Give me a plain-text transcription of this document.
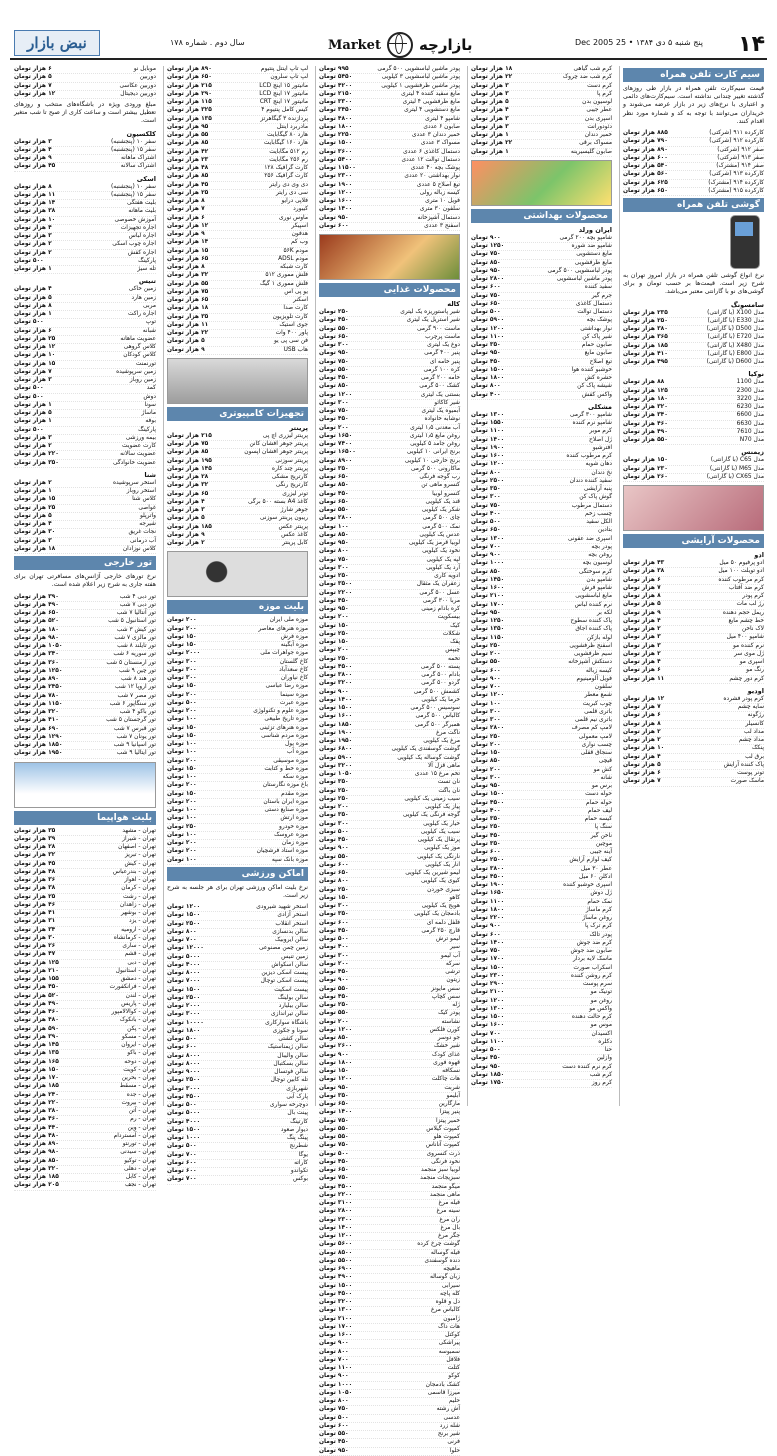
۱۴
پنج شنبه ۵ دی ۱۳۸۴ • 25 Dec 2005
Market	بازارچه
سال دوم . شماره ۱۷۸
نبض بازار
سیم کارت تلفن همراه
قیمت سیم‌کارت تلفن همراه در بازار طی روزهای گذشته تغییر چندانی نداشته است. سیم‌کارت‌های دائمی و اعتباری با نرخ‌های زیر در بازار عرضه می‌شوند و خریداران می‌توانند با توجه به کد و شماره مورد نظر اقدام کنند.
کارکرده ۹۱۱ (شرکتی)
۸۸۵ هزار تومان
کارکرده ۹۱۲ (شرکتی)
۷۹۰ هزار تومان
صفر ۹۱۲ (شرکتی)
۸۹۰ هزار تومان
صفر ۹۱۳ (شرکتی)
۶۰۰ هزار تومان
صفر ۹۱۴ (مشترک)
۵۴۰ هزار تومان
کارکرده ۹۱۳ (شرکتی)
۵۶۰ هزار تومان
کارکرده ۹۱۴ (مشترک)
۶۲۵ هزار تومان
کارکرده ۹۱۵ (مشترک)
۶۵۰ هزار تومان
گوشی تلفن همراه
نرخ انواع گوشی تلفن همراه در بازار امروز تهران به شرح زیر است. قیمت‌ها بر حسب تومان و برای گوشی‌های نو با گارانتی معتبر می‌باشد.
سامسونگ
مدل X100 (با گارانتی)
۲۳۵ هزار تومان
مدل E330 (با گارانتی)
۲۵۰ هزار تومان
مدل D500 (با گارانتی)
۳۸۰ هزار تومان
مدل E720 (با گارانتی)
۳۶۵ هزار تومان
مدل X480 (با گارانتی)
۱۸۵ هزار تومان
مدل E800 (با گارانتی)
۴۱۰ هزار تومان
مدل D600 (با گارانتی)
۴۹۵ هزار تومان
نوکیا
مدل 1100
۸۸ هزار تومان
مدل 2300
۱۲۵ هزار تومان
مدل 3220
۱۸۰ هزار تومان
مدل 6230
۳۲۰ هزار تومان
مدل 6600
۳۴۰ هزار تومان
مدل 6630
۴۶۰ هزار تومان
مدل 7610
۴۹۰ هزار تومان
مدل N70
۵۵۰ هزار تومان
زیمنس
مدل C65 (با گارانتی)
۱۵۰ هزار تومان
مدل M65 (با گارانتی)
۲۳۰ هزار تومان
مدل CX65 (با گارانتی)
۲۶۰ هزار تومان
محصولات آرایشی
ادو
ادو پرفیوم ۵۰ میل
۴۳ هزار تومان
ادو تویلت ۱۰۰ میل
۳۸ هزار تومان
کرم مرطوب کننده
۶ هزار تومان
کرم ضد آفتاب
۷ هزار تومان
کرم پودر
۸ هزار تومان
رژ لب مات
۵ هزار تومان
ریمل حجم دهنده
۹ هزار تومان
خط چشم مایع
۴ هزار تومان
لاک ناخن
۲ هزار تومان
شامپو ۴۰۰ میل
۳ هزار تومان
نرم کننده مو
۳ هزار تومان
ژل موی سر
۲ هزار تومان
اسپری مو
۴ هزار تومان
رنگ مو
۶ هزار تومان
کرم دور چشم
۱۱ هزار تومان
اودیو
کرم پودر فشرده
۱۲ هزار تومان
سایه چشم
۷ هزار تومان
رژگونه
۶ هزار تومان
کانسیلر
۸ هزار تومان
مداد لب
۲ هزار تومان
مداد چشم
۲ هزار تومان
پنکک
۱۰ هزار تومان
برق لب
۴ هزار تومان
پاک کننده آرایش
۵ هزار تومان
تونر پوست
۶ هزار تومان
ماسک صورت
۷ هزار تومان
کرم شب گیاهی
۱۸ هزار تومان
کرم شب ضد چروک
۲۲ هزار تومان
کرم دست
۳ هزار تومان
کرم پا
۳ هزار تومان
لوسیون بدن
۵ هزار تومان
عطر جیبی
۴ هزار تومان
اسپری بدن
۳ هزار تومان
دئودورانت
۳ هزار تومان
خمیر دندان
۱ هزار تومان
مسواک برقی
۲۲ هزار تومان
صابون گلیسیرینه
۱ هزار تومان
محصولات بهداشتی
ایران ورلد
شامپو بچه ۲۰۰ گرمی
۹۰۰ تومان
شامپو ضد شوره
۱۲۵۰ تومان
مایع دستشویی
۷۵۰ تومان
مایع ظرفشویی
۸۵۰ تومان
پودر لباسشویی ۵۰۰ گرمی
۹۵۰ تومان
پودر ماشین لباسشویی
۲۸۰۰ تومان
سفید کننده
۶۰۰ تومان
جرم گیر
۷۵۰ تومان
دستمال کاغذی
۶۵۰ تومان
دستمال توالت
۵۰۰ تومان
پوشک بچه
۵۹۰۰ تومان
نوار بهداشتی
۱۲۰۰ تومان
شیر پاک کن
۱۱۰۰ تومان
صابون حمام
۳۵۰ تومان
صابون مایع
۹۵۰ تومان
تیغ اصلاح
۴۵۰ تومان
خوشبو کننده هوا
۱۵۰۰ تومان
حشره کش
۱۸۰۰ تومان
شیشه پاک کن
۸۰۰ تومان
واکس کفش
۴۰۰ تومان
مشکلی
شامپو ۳۰۰ گرمی
۱۳۰۰ تومان
شامپو نرم کننده
۱۵۵۰ تومان
کرم موبر
۱۱۰۰ تومان
ژل اصلاح
۱۴۰۰ تومان
افترشیو
۱۹۰۰ تومان
کرم مرطوب کننده
۱۶۰۰ تومان
دهان شویه
۱۲۰۰ تومان
نخ دندان
۸۰۰ تومان
سفید کننده دندان
۲۵۰۰ تومان
پنبه آرایشی
۳۵۰ تومان
گوش پاک کن
۳۰۰ تومان
دستمال مرطوب
۷۵۰ تومان
چسب زخم
۴۰۰ تومان
الکل سفید
۵۰۰ تومان
بتادین
۶۵۰ تومان
اسپری ضد عفونی
۱۳۰۰ تومان
پودر بچه
۷۰۰ تومان
روغن بچه
۹۰۰ تومان
لوسیون بچه
۱۰۰۰ تومان
کرم سوختگی
۸۵۰ تومان
شامپو بدن
۱۴۵۰ تومان
شامپو فرش
۱۶۰۰ تومان
مایع لباسشویی
۲۱۰۰ تومان
نرم کننده لباس
۱۷۰۰ تومان
لکه بر
۹۵۰ تومان
پاک کننده سطوح
۱۲۵۰ تومان
پاک کننده اجاق
۱۳۵۰ تومان
لوله بازکن
۱۱۵۰ تومان
اسفنج ظرفشویی
۲۵۰ تومان
سیم ظرفشویی
۲۰۰ تومان
دستکش آشپزخانه
۵۵۰ تومان
کیسه زباله
۶۰۰ تومان
فویل آلومینیوم
۹۰۰ تومان
سلفون
۷۰۰ تومان
شمع معطر
۱۲۰۰ تومان
چوب کبریت
۱۰۰ تومان
باتری قلمی
۳۰۰ تومان
باتری نیم قلمی
۳۰۰ تومان
لامپ کم مصرف
۲۸۰۰ تومان
لامپ معمولی
۲۵۰ تومان
چسب نواری
۲۰۰ تومان
سنجاق قفلی
۱۵۰ تومان
قیچی
۸۵۰ تومان
کش مو
۲۰۰ تومان
شانه
۳۰۰ تومان
برس مو
۹۵۰ تومان
حوله دست
۱۵۰۰ تومان
حوله حمام
۴۵۰۰ تومان
لیف حمام
۴۰۰ تومان
کیسه حمام
۳۵۰ تومان
سنگ پا
۲۵۰ تومان
ناخن گیر
۴۵۰ تومان
موچین
۳۵۰ تومان
آینه جیبی
۶۰۰ تومان
کیف لوازم آرایش
۲۵۰۰ تومان
عطر ۳۰ میل
۳۸۰۰ تومان
ادکلن ۶۰ میل
۴۵۰۰ تومان
اسپری خوشبو کننده
۱۹۰۰ تومان
ژل دوش
۱۶۵۰ تومان
نمک حمام
۱۱۰۰ تومان
کرم ماساژ
۱۸۰۰ تومان
روغن ماساژ
۲۲۰۰ تومان
کرم ترک پا
۹۰۰ تومان
پودر تالک
۶۰۰ تومان
کرم ضد جوش
۱۴۰۰ تومان
صابون ضد جوش
۷۵۰ تومان
ماسک لایه بردار
۱۷۰۰ تومان
اسکراب صورت
۱۵۰۰ تومان
کرم روشن کننده
۲۳۰۰ تومان
سرم پوست
۲۹۰۰ تومان
تونیک مو
۲۱۰۰ تومان
روغن مو
۱۲۰۰ تومان
واکس مو
۱۳۰۰ تومان
کرم حالت دهنده
۱۵۰۰ تومان
موس مو
۱۶۰۰ تومان
اکسیدان
۷۰۰ تومان
دکلره
۱۱۰۰ تومان
حنا
۵۰۰ تومان
وازلین
۴۵۰ تومان
کرم نرم کننده دست
۹۵۰ تومان
کرم شب
۱۸۵۰ تومان
کرم روز
۱۷۵۰ تومان
پودر ماشین لباسشویی ۵۰۰ گرمی
۹۹۵ تومان
پودر ماشین لباسشویی ۳ کیلویی
۵۴۵۰ تومان
پودر ماشین ظرفشویی ۱ کیلویی
۴۲۰۰ تومان
مایع سفید کننده ۴ لیتری
۲۱۵۰ تومان
مایع ظرفشویی ۴ لیتری
۳۳۰۰ تومان
مایع دستشویی ۴ لیتری
۳۴۵۰ تومان
شامپو ۴ لیتری
۴۸۰۰ تومان
صابون ۶ عددی
۱۸۰۰ تومان
خمیر دندان ۳ عددی
۲۲۵۰ تومان
مسواک ۳ عددی
۱۵۰۰ تومان
دستمال کاغذی ۶ عددی
۳۶۰۰ تومان
دستمال توالت ۱۲ عددی
۵۴۰۰ تومان
پوشک بچه ۴۰ عددی
۱۱۵۰۰ تومان
نوار بهداشتی ۲۰ عددی
۲۳۰۰ تومان
تیغ اصلاح ۵ عددی
۱۹۰۰ تومان
کیسه زباله رولی
۱۲۰۰ تومان
فویل ۱۰ متری
۱۶۰۰ تومان
سلفون ۳۰ متری
۱۴۰۰ تومان
دستمال آشپزخانه
۹۵۰ تومان
اسفنج ۳ عددی
۶۰۰ تومان
محصولات غذایی
کاله
شیر پاستوریزه یک لیتری
۲۵۰ تومان
شیر استریل یک لیتری
۴۵۰ تومان
ماست ۹۰۰ گرمی
۵۵۰ تومان
ماست پرچرب
۶۵۰ تومان
دوغ یک لیتری
۳۰۰ تومان
پنیر ۴۰۰ گرمی
۹۵۰ تومان
پنیر خامه ای
۷۵۰ تومان
کره ۱۰۰ گرمی
۵۵۰ تومان
خامه ۲۰۰ گرمی
۴۵۰ تومان
کشک ۵۰۰ گرمی
۸۵۰ تومان
بستنی یک لیتری
۱۲۰۰ تومان
شیر کاکائو
۳۰۰ تومان
آبمیوه یک لیتری
۷۵۰ تومان
نوشابه خانواده
۴۵۰ تومان
آب معدنی ۱٫۵ لیتری
۲۰۰ تومان
روغن مایع ۱٫۵ لیتری
۱۶۵۰ تومان
روغن جامد ۵ کیلویی
۷۴۰۰ تومان
برنج ایرانی ۱۰ کیلویی
۱۶۵۰۰ تومان
برنج خارجی ۱۰ کیلویی
۸۹۰۰ تومان
ماکارونی ۵۰۰ گرمی
۳۵۰ تومان
رب گوجه فرنگی
۶۵۰ تومان
کنسرو ماهی تن
۸۵۰ تومان
کنسرو لوبیا
۴۵۰ تومان
قند یک کیلویی
۶۵۰ تومان
شکر یک کیلویی
۵۵۰ تومان
چای ۵۰۰ گرمی
۲۸۰۰ تومان
نمک ۵۰۰ گرمی
۱۰۰ تومان
عدس یک کیلویی
۸۵۰ تومان
لوبیا قرمز یک کیلویی
۹۵۰ تومان
نخود یک کیلویی
۸۰۰ تومان
لپه یک کیلویی
۷۵۰ تومان
آرد یک کیلویی
۳۰۰ تومان
ادویه کاری
۲۵۰ تومان
زعفران یک مثقال
۳۵۰۰ تومان
عسل ۵۰۰ گرمی
۲۲۰۰ تومان
مربا ۳۰۰ گرمی
۴۵۰ تومان
کره بادام زمینی
۹۵۰ تومان
بیسکویت
۲۰۰ تومان
کیک
۱۵۰ تومان
شکلات
۲۵۰ تومان
پفک
۱۵۰ تومان
چیپس
۲۰۰ تومان
تخمه
۲۵۰ تومان
پسته ۵۰۰ گرمی
۴۵۰۰ تومان
بادام ۵۰۰ گرمی
۳۸۰۰ تومان
گردو ۵۰۰ گرمی
۳۲۰۰ تومان
کشمش ۵۰۰ گرمی
۹۰۰ تومان
خرما یک کیلویی
۱۴۰۰ تومان
سوسیس ۵۰۰ گرمی
۱۵۰۰ تومان
کالباس ۵۰۰ گرمی
۱۶۰۰ تومان
همبرگر ۵۰۰ گرمی
۱۸۵۰ تومان
ناگت مرغ
۱۹۰۰ تومان
مرغ یک کیلویی
۱۹۵۰ تومان
گوشت گوسفندی یک کیلویی
۶۸۰۰ تومان
گوشت گوساله یک کیلویی
۵۹۰۰ تومان
ماهی قزل آلا
۳۲۰۰ تومان
تخم مرغ ۱۵ عددی
۱۰۵۰ تومان
نان تست
۳۵۰ تومان
نان باگت
۲۵۰ تومان
سیب زمینی یک کیلویی
۲۵۰ تومان
پیاز یک کیلویی
۲۰۰ تومان
گوجه فرنگی یک کیلویی
۳۵۰ تومان
خیار یک کیلویی
۳۰۰ تومان
سیب یک کیلویی
۵۰۰ تومان
پرتقال یک کیلویی
۴۵۰ تومان
موز یک کیلویی
۹۰۰ تومان
نارنگی یک کیلویی
۵۵۰ تومان
انار یک کیلویی
۶۰۰ تومان
لیمو شیرین یک کیلویی
۶۵۰ تومان
کیوی یک کیلویی
۸۰۰ تومان
سبزی خوردن
۲۵۰ تومان
کاهو
۱۵۰ تومان
هویج یک کیلویی
۳۰۰ تومان
بادمجان یک کیلویی
۳۵۰ تومان
فلفل دلمه ای
۶۰۰ تومان
قارچ ۲۵۰ گرمی
۴۵۰ تومان
لیمو ترش
۵۰۰ تومان
سیر
۴۰۰ تومان
آب لیمو
۳۰۰ تومان
سرکه
۲۰۰ تومان
ترشی
۴۵۰ تومان
زیتون
۹۰۰ تومان
سس مایونز
۵۵۰ تومان
سس کچاپ
۴۵۰ تومان
ژله
۲۵۰ تومان
پودر کیک
۵۵۰ تومان
نشاسته
۲۰۰ تومان
کورن فلکس
۱۲۰۰ تومان
جو دوسر
۸۵۰ تومان
شیر خشک
۲۶۰۰ تومان
غذای کودک
۹۰۰ تومان
قهوه فوری
۱۸۰۰ تومان
نسکافه
۱۵۰ تومان
هات چاکلت
۱۲۰۰ تومان
شربت
۹۵۰ تومان
آبلیمو
۳۵۰ تومان
مارگارین
۶۵۰ تومان
پنیر پیتزا
۱۴۰۰ تومان
خمیر پیتزا
۷۵۰ تومان
کمپوت گیلاس
۵۵۰ تومان
کمپوت هلو
۵۵۰ تومان
کمپوت آناناس
۷۵۰ تومان
ذرت کنسروی
۵۰۰ تومان
نخود فرنگی
۴۵۰ تومان
لوبیا سبز منجمد
۶۵۰ تومان
سبزیجات منجمد
۷۵۰ تومان
میگو منجمد
۴۵۰۰ تومان
ماهی منجمد
۲۲۰۰ تومان
فیله مرغ
۳۱۰۰ تومان
سینه مرغ
۲۸۰۰ تومان
ران مرغ
۲۳۰۰ تومان
بال مرغ
۱۴۰۰ تومان
جگر مرغ
۱۲۰۰ تومان
گوشت چرخ کرده
۵۶۰۰ تومان
فیله گوساله
۸۵۰۰ تومان
دنده گوسفندی
۵۵۰۰ تومان
ماهیچه
۶۹۰۰ تومان
زبان گوساله
۴۹۰۰ تومان
سیرابی
۱۵۰۰ تومان
کله پاچه
۴۵۰۰ تومان
دل و قلوه
۳۲۰۰ تومان
کالباس مرغ
۱۳۰۰ تومان
ژامبون
۲۱۰۰ تومان
هات داگ
۱۷۰۰ تومان
کوکتل
۱۶۰۰ تومان
پیراشکی
۹۰۰ تومان
سمبوسه
۸۰۰ تومان
فلافل
۷۰۰ تومان
کتلت
۱۱۰۰ تومان
کوکو
۹۰۰ تومان
کشک بادمجان
۱۰۰۰ تومان
میرزا قاسمی
۱۰۵۰ تومان
حلیم
۸۰۰ تومان
آش رشته
۷۵۰ تومان
عدسی
۵۰۰ تومان
شله زرد
۶۰۰ تومان
شیر برنج
۵۵۰ تومان
فرنی
۴۵۰ تومان
حلوا
۹۵۰ تومان
لپ تاپ اینتل پنتیوم
۸۹۰ هزار تومان
لپ تاپ سلرون
۶۵۰ هزار تومان
مانیتور ۱۵ اینچ LCD
۲۱۵ هزار تومان
مانیتور ۱۷ اینچ LCD
۲۹۰ هزار تومان
مانیتور ۱۷ اینچ CRT
۱۱۵ هزار تومان
کیس کامل پنتیوم ۴
۳۲۵ هزار تومان
پردازنده ۳ گیگاهرتز
۱۳۵ هزار تومان
مادربرد اینتل
۹۵ هزار تومان
هارد ۸۰ گیگابایت
۵۵ هزار تومان
هارد ۱۶۰ گیگابایت
۸۵ هزار تومان
رم ۵۱۲ مگابایت
۴۲ هزار تومان
رم ۲۵۶ مگابایت
۲۳ هزار تومان
کارت گرافیک ۱۲۸
۴۸ هزار تومان
کارت گرافیک ۲۵۶
۸۵ هزار تومان
دی وی دی رایتر
۴۵ هزار تومان
سی دی رایتر
۲۵ هزار تومان
فلاپی درایو
۸ هزار تومان
کیبورد
۷ هزار تومان
ماوس نوری
۶ هزار تومان
اسپیکر
۱۲ هزار تومان
هدفون
۹ هزار تومان
وب کم
۱۴ هزار تومان
مودم ۵۶K
۱۵ هزار تومان
مودم ADSL
۶۵ هزار تومان
کارت شبکه
۸ هزار تومان
فلش مموری ۵۱۲
۳۲ هزار تومان
فلش مموری ۱ گیگ
۵۵ هزار تومان
یو پی اس
۷۵ هزار تومان
اسکنر
۶۵ هزار تومان
کارت صدا
۱۸ هزار تومان
کارت تلویزیون
۳۵ هزار تومان
جوی استیک
۱۱ هزار تومان
پاور ۴۰۰ وات
۲۲ هزار تومان
فن سی پی یو
۵ هزار تومان
هاب USB
۹ هزار تومان
تجهیزات کامپیوتری
پرینتر
پرینتر لیزری اچ پی
۲۱۵ هزار تومان
پرینتر جوهر افشان کانن
۷۵ هزار تومان
پرینتر جوهر افشان اپسون
۸۵ هزار تومان
پرینتر سوزنی
۱۹۵ هزار تومان
پرینتر چند کاره
۱۴۵ هزار تومان
کارتریج مشکی
۲۸ هزار تومان
کارتریج رنگی
۳۲ هزار تومان
تونر لیزری
۶۵ هزار تومان
کاغذ A4 بسته ۵۰۰ برگی
۴ هزار تومان
جوهر شارژ
۳ هزار تومان
ریبون پرینتر سوزنی
۵ هزار تومان
پرینتر عکس
۱۸۵ هزار تومان
کاغذ عکس
۹ هزار تومان
کابل پرینتر
۲ هزار تومان
بلیت موزه
موزه ملی ایران
۲۰۰ تومان
موزه هنرهای معاصر
۲۰۰ تومان
موزه فرش
۱۵۰ تومان
موزه آبگینه
۱۵۰ تومان
موزه جواهرات ملی
۲۰۰۰ تومان
کاخ گلستان
۳۰۰ تومان
کاخ سعدآباد
۳۰۰ تومان
کاخ نیاوران
۳۰۰ تومان
موزه رضا عباسی
۱۵۰ تومان
موزه سینما
۲۰۰ تومان
موزه عبرت
۵۰۰ تومان
موزه علوم و تکنولوژی
۲۰۰ تومان
موزه تاریخ طبیعی
۱۰۰ تومان
موزه هنرهای تزئینی
۱۵۰ تومان
موزه مردم شناسی
۱۵۰ تومان
موزه پول
۱۰۰ تومان
موزه آب
۱۰۰ تومان
موزه موسیقی
۲۰۰ تومان
موزه خط و کتابت
۱۵۰ تومان
موزه سکه
۱۰۰ تومان
باغ موزه نگارستان
۲۰۰ تومان
موزه مقدم
۱۵۰ تومان
موزه ایران باستان
۲۰۰ تومان
موزه صنایع دستی
۱۰۰ تومان
موزه ارتش
۱۰۰ تومان
موزه خودرو
۲۵۰ تومان
موزه عروسک
۱۰۰ تومان
موزه زمان
۲۰۰ تومان
موزه استاد فرشچیان
۲۰۰ تومان
موزه بانک سپه
۱۰۰ تومان
اماکن ورزشی
نرخ بلیت اماکن ورزشی تهران برای هر جلسه به شرح زیر است.
استخر شهید شیرودی
۱۲۰۰ تومان
استخر آزادی
۱۵۰۰ تومان
استخر انقلاب
۲۵۰۰ تومان
سالن بدنسازی
۸۰۰ تومان
سالن ایروبیک
۷۰۰ تومان
زمین چمن مصنوعی
۱۲۰۰۰ تومان
زمین تنیس
۵۰۰۰ تومان
سالن اسکواش
۴۰۰۰ تومان
پیست اسکی دیزین
۸۰۰۰ تومان
پیست اسکی توچال
۷۰۰۰ تومان
پیست اسکیت
۱۵۰۰ تومان
سالن بولینگ
۲۵۰۰ تومان
سالن بیلیارد
۲۰۰۰ تومان
سالن تیراندازی
۳۰۰۰ تومان
باشگاه سوارکاری
۱۰۰۰۰ تومان
سونا و جکوزی
۱۸۰۰ تومان
سالن کشتی
۵۰۰ تومان
سالن ژیمناستیک
۶۰۰ تومان
سالن والیبال
۸۰۰۰ تومان
سالن بسکتبال
۸۰۰۰ تومان
سالن فوتسال
۹۰۰۰ تومان
تله کابین توچال
۲۵۰۰ تومان
شهربازی
۳۰۰۰ تومان
پارک آبی
۴۵۰۰ تومان
دوچرخه سواری
۵۰۰ تومان
پینت بال
۵۰۰۰ تومان
کارتینگ
۴۰۰۰ تومان
دیوار صعود
۱۵۰۰ تومان
پینگ پنگ
۱۰۰۰ تومان
شطرنج
۵۰۰ تومان
یوگا
۷۰۰ تومان
کاراته
۶۰۰ تومان
تکواندو
۶۰۰ تومان
بوکس
۷۰۰ تومان
موبایل نو
۶ هزار تومان
دوربین
۵ هزار تومان
دوربین عکاسی
۷ هزار تومان
دوربین دیجیتال
۱۲ هزار تومان
مبلغ ورودی ویژه در باشگاه‌های منتخب و روزهای تعطیل بیشتر است و ساعت کاری از صبح تا شب متغیر است.
کلکسیون
سفر ۱۰ (پنجشنبه)
۳ هزار تومان
سفر ۱۵ (پنجشنبه)
۴ هزار تومان
اشتراک ماهانه
۹ هزار تومان
اشتراک سالانه
۴۵ هزار تومان
اسکی
سفر ۱۰ (پنجشنبه)
۸ هزار تومان
سفر ۱۵ (پنجشنبه)
۱۱ هزار تومان
بلیت هفتگی
۱۴ هزار تومان
بلیت ماهانه
۳۸ هزار تومان
آموزش خصوصی
۱۰ هزار تومان
اجاره تجهیزات
۴ هزار تومان
اجاره لباس
۳ هزار تومان
اجاره چوب اسکی
۲ هزار تومان
اجاره کفش
۲ هزار تومان
پارکینگ
۵۰۰ تومان
تله سیژ
۱ هزار تومان
تنیس
زمین خاکی
۴ هزار تومان
زمین هارد
۵ هزار تومان
مربی
۸ هزار تومان
اجاره راکت
۱ هزار تومان
توپ
۵۰۰ تومان
شبانه
۶ هزار تومان
عضویت ماهانه
۲۵ هزار تومان
کلاس گروهی
۱۲ هزار تومان
کلاس کودکان
۱۰ هزار تومان
تورنمنت
۱۵ هزار تومان
زمین سرپوشیده
۷ هزار تومان
زمین روباز
۳ هزار تومان
کمد
۵۰۰ تومان
دوش
۵۰۰ تومان
سونا
۱ هزار تومان
ماساژ
۵ هزار تومان
بوفه
۱ هزار تومان
پارکینگ
۵۰۰ تومان
بیمه ورزشی
۳ هزار تومان
کارت عضویت
۲ هزار تومان
عضویت سالانه
۲۲۰ هزار تومان
عضویت خانوادگی
۳۵۰ هزار تومان
شنا
استخر سرپوشیده
۲ هزار تومان
استخر روباز
۱ هزار تومان
کلاس شنا
۱۵ هزار تومان
غواصی
۲۵ هزار تومان
واترپلو
۵ هزار تومان
شیرجه
۴ هزار تومان
نجات غریق
۳۰ هزار تومان
آب درمانی
۳ هزار تومان
کلاس نوزادان
۱۸ هزار تومان
تور خارجی
نرخ تورهای خارجی آژانس‌های مسافرتی تهران برای هفته جاری به شرح زیر اعلام شده است.
تور دبی ۴ شب
۳۹۰ هزار تومان
تور دبی ۷ شب
۴۹۰ هزار تومان
تور آنتالیا ۷ شب
۶۵۰ هزار تومان
تور استانبول ۵ شب
۵۲۰ هزار تومان
تور کیش ۳ شب
۱۸۰ هزار تومان
تور مالزی ۷ شب
۹۸۰ هزار تومان
تور تایلند ۸ شب
۱۰۵۰ هزار تومان
تور سوریه ۶ شب
۳۴۰ هزار تومان
تور ارمنستان ۵ شب
۳۶۰ هزار تومان
تور چین ۹ شب
۱۲۵۰ هزار تومان
تور هند ۸ شب
۸۹۰ هزار تومان
تور اروپا ۱۲ شب
۲۴۵۰ هزار تومان
تور مصر ۷ شب
۷۸۰ هزار تومان
تور سنگاپور ۶ شب
۱۱۵۰ هزار تومان
تور باکو ۴ شب
۳۲۰ هزار تومان
تور گرجستان ۵ شب
۴۱۰ هزار تومان
تور قبرس ۷ شب
۶۹۰ هزار تومان
تور یونان ۷ شب
۱۲۹۰ هزار تومان
تور اسپانیا ۹ شب
۱۸۵۰ هزار تومان
تور ایتالیا ۹ شب
۱۹۵۰ هزار تومان
بلیت هواپیما
تهران - مشهد
۳۵ هزار تومان
تهران - شیراز
۳۹ هزار تومان
تهران - اصفهان
۲۸ هزار تومان
تهران - تبریز
۳۲ هزار تومان
تهران - کیش
۴۵ هزار تومان
تهران - بندرعباس
۴۸ هزار تومان
تهران - اهواز
۳۶ هزار تومان
تهران - کرمان
۳۸ هزار تومان
تهران - رشت
۲۵ هزار تومان
تهران - زاهدان
۴۶ هزار تومان
تهران - بوشهر
۴۱ هزار تومان
تهران - یزد
۳۱ هزار تومان
تهران - ارومیه
۳۴ هزار تومان
تهران - کرمانشاه
۳۰ هزار تومان
تهران - ساری
۲۶ هزار تومان
تهران - قشم
۴۷ هزار تومان
تهران - دبی
۱۲۵ هزار تومان
تهران - استانبول
۲۱۰ هزار تومان
تهران - دمشق
۱۵۵ هزار تومان
تهران - فرانکفورت
۴۵۰ هزار تومان
تهران - لندن
۵۲۰ هزار تومان
تهران - پاریس
۴۹۰ هزار تومان
تهران - کوالالامپور
۴۶۰ هزار تومان
تهران - بانکوک
۴۸۰ هزار تومان
تهران - پکن
۵۹۰ هزار تومان
تهران - مسکو
۳۹۰ هزار تومان
تهران - ایروان
۱۴۵ هزار تومان
تهران - باکو
۱۳۵ هزار تومان
تهران - دوحه
۱۶۵ هزار تومان
تهران - کویت
۱۵۰ هزار تومان
تهران - بحرین
۱۷۰ هزار تومان
تهران - مسقط
۱۸۵ هزار تومان
تهران - جده
۲۴۰ هزار تومان
تهران - بیروت
۲۲۰ هزار تومان
تهران - آتن
۳۸۰ هزار تومان
تهران - رم
۴۶۰ هزار تومان
تهران - وین
۴۴۰ هزار تومان
تهران - آمستردام
۴۸۰ هزار تومان
تهران - تورنتو
۸۹۰ هزار تومان
تهران - سیدنی
۹۸۰ هزار تومان
تهران - توکیو
۸۵۰ هزار تومان
تهران - دهلی
۳۲۰ هزار تومان
تهران - کابل
۱۸۵ هزار تومان
تهران - نجف
۲۰۵ هزار تومان
